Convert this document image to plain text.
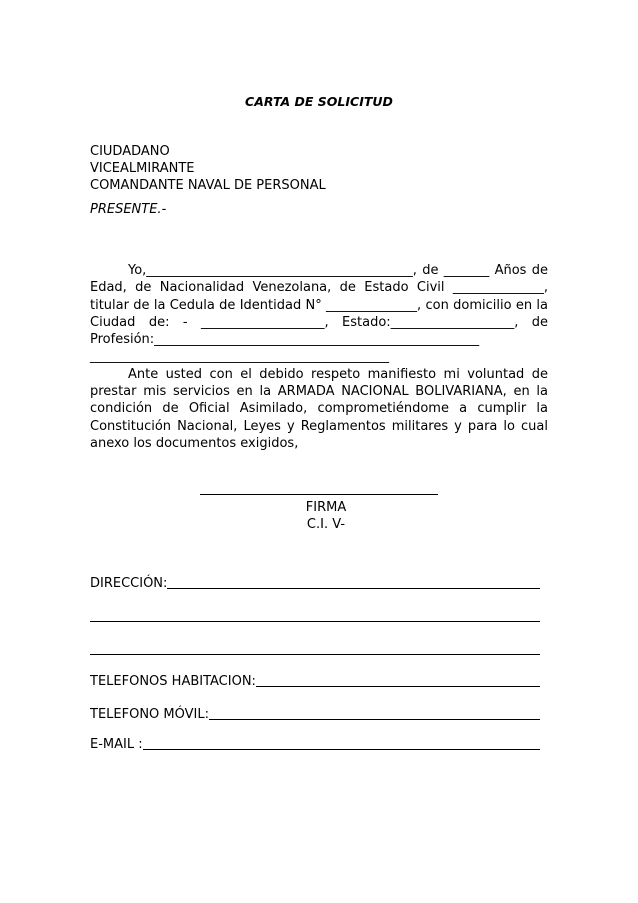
CARTA DE SOLICITUD
CIUDADANO
VICEALMIRANTE
COMANDANTE NAVAL DE PERSONAL
PRESENTE.-

Yo,_________________________________________, de _______ Años de Edad, de Nacionalidad Venezolana, de Estado Civil ______________, titular de la Cedula de Identidad N° ______________, con domicilio en la Ciudad de: - ___________________, Estado:___________________, de Profesión:__________________________________________________ ______________________________________________

Ante usted con el debido respeto manifiesto mi voluntad de prestar mis servicios en la ARMADA NACIONAL BOLIVARIANA, en la condición de Oficial Asimilado, comprometiéndome a cumplir la Constitución Nacional, Leyes y Reglamentos militares y para lo cual anexo los documentos exigidos,

FIRMA
C.I. V-
DIRECCIÓN:
TELEFONOS HABITACION:
TELEFONO MÓVIL:
E-MAIL :
